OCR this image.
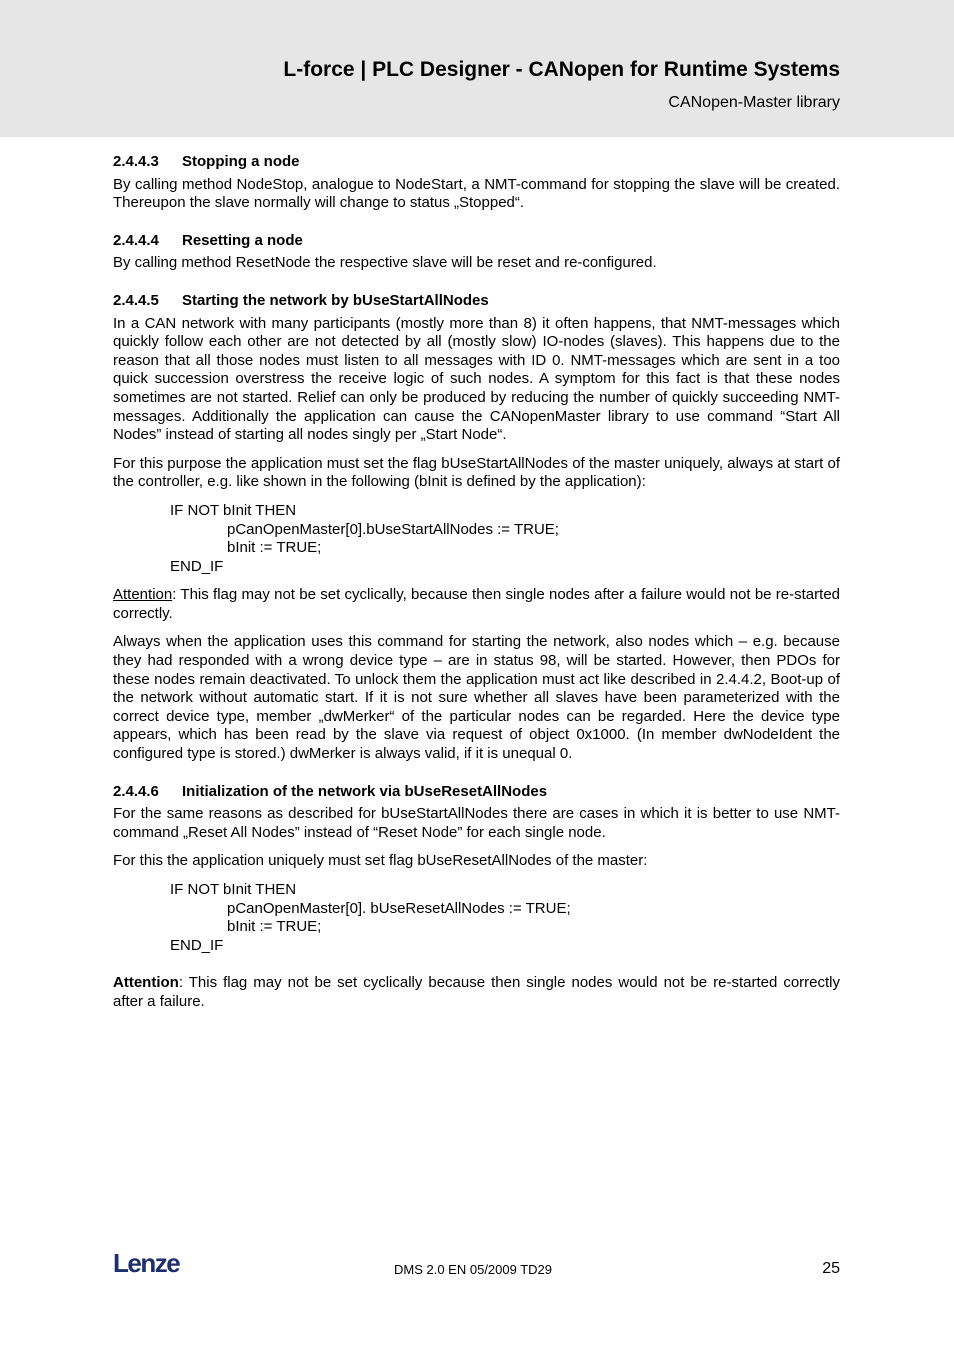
L-force | PLC Designer - CANopen for Runtime Systems
CANopen-Master library
2.4.4.3 Stopping a node

By calling method NodeStop, analogue to NodeStart, a NMT-command for stopping the slave will be created. Thereupon the slave normally will change to status „Stopped“.

2.4.4.4 Resetting a node

By calling method ResetNode the respective slave will be reset and re-configured.

2.4.4.5 Starting the network by bUseStartAllNodes

In a CAN network with many participants (mostly more than 8) it often happens, that NMT-messages which quickly follow each other are not detected by all (mostly slow) IO-nodes (slaves). This happens due to the reason that all those nodes must listen to all messages with ID 0. NMT-messages which are sent in a too quick succession overstress the receive logic of such nodes. A symptom for this fact is that these nodes sometimes are not started. Relief can only be produced by reducing the number of quickly succeeding NMT-messages. Additionally the application can cause the CANopenMaster library to use command “Start All Nodes” instead of starting all nodes singly per „Start Node“.

For this purpose the application must set the flag bUseStartAllNodes of the master uniquely, always at start of the controller, e.g. like shown in the following (bInit is defined by the application):

IF NOT bInit THEN
pCanOpenMaster[0].bUseStartAllNodes := TRUE;
bInit := TRUE;
END_IF

Attention: This flag may not be set cyclically, because then single nodes after a failure would not be re-started correctly.

Always when the application uses this command for starting the network, also nodes which – e.g. because they had responded with a wrong device type – are in status 98, will be started. However, then PDOs for these nodes remain deactivated. To unlock them the application must act like described in 2.4.4.2, Boot-up of the network without automatic start. If it is not sure whether all slaves have been parameterized with the correct device type, member „dwMerker“ of the particular nodes can be regarded. Here the device type appears, which has been read by the slave via request of object 0x1000. (In member dwNodeIdent the configured type is stored.) dwMerker is always valid, if it is unequal 0.

2.4.4.6 Initialization of the network via bUseResetAllNodes

For the same reasons as described for bUseStartAllNodes there are cases in which it is better to use NMT-command „Reset All Nodes” instead of “Reset Node” for each single node.

For this the application uniquely must set flag bUseResetAllNodes of the master:

IF NOT bInit THEN
pCanOpenMaster[0]. bUseResetAllNodes := TRUE;
bInit := TRUE;
END_IF

Attention: This flag may not be set cyclically because then single nodes would not be re-started correctly after a failure.

Lenze	DMS 2.0 EN 05/2009 TD29	25
